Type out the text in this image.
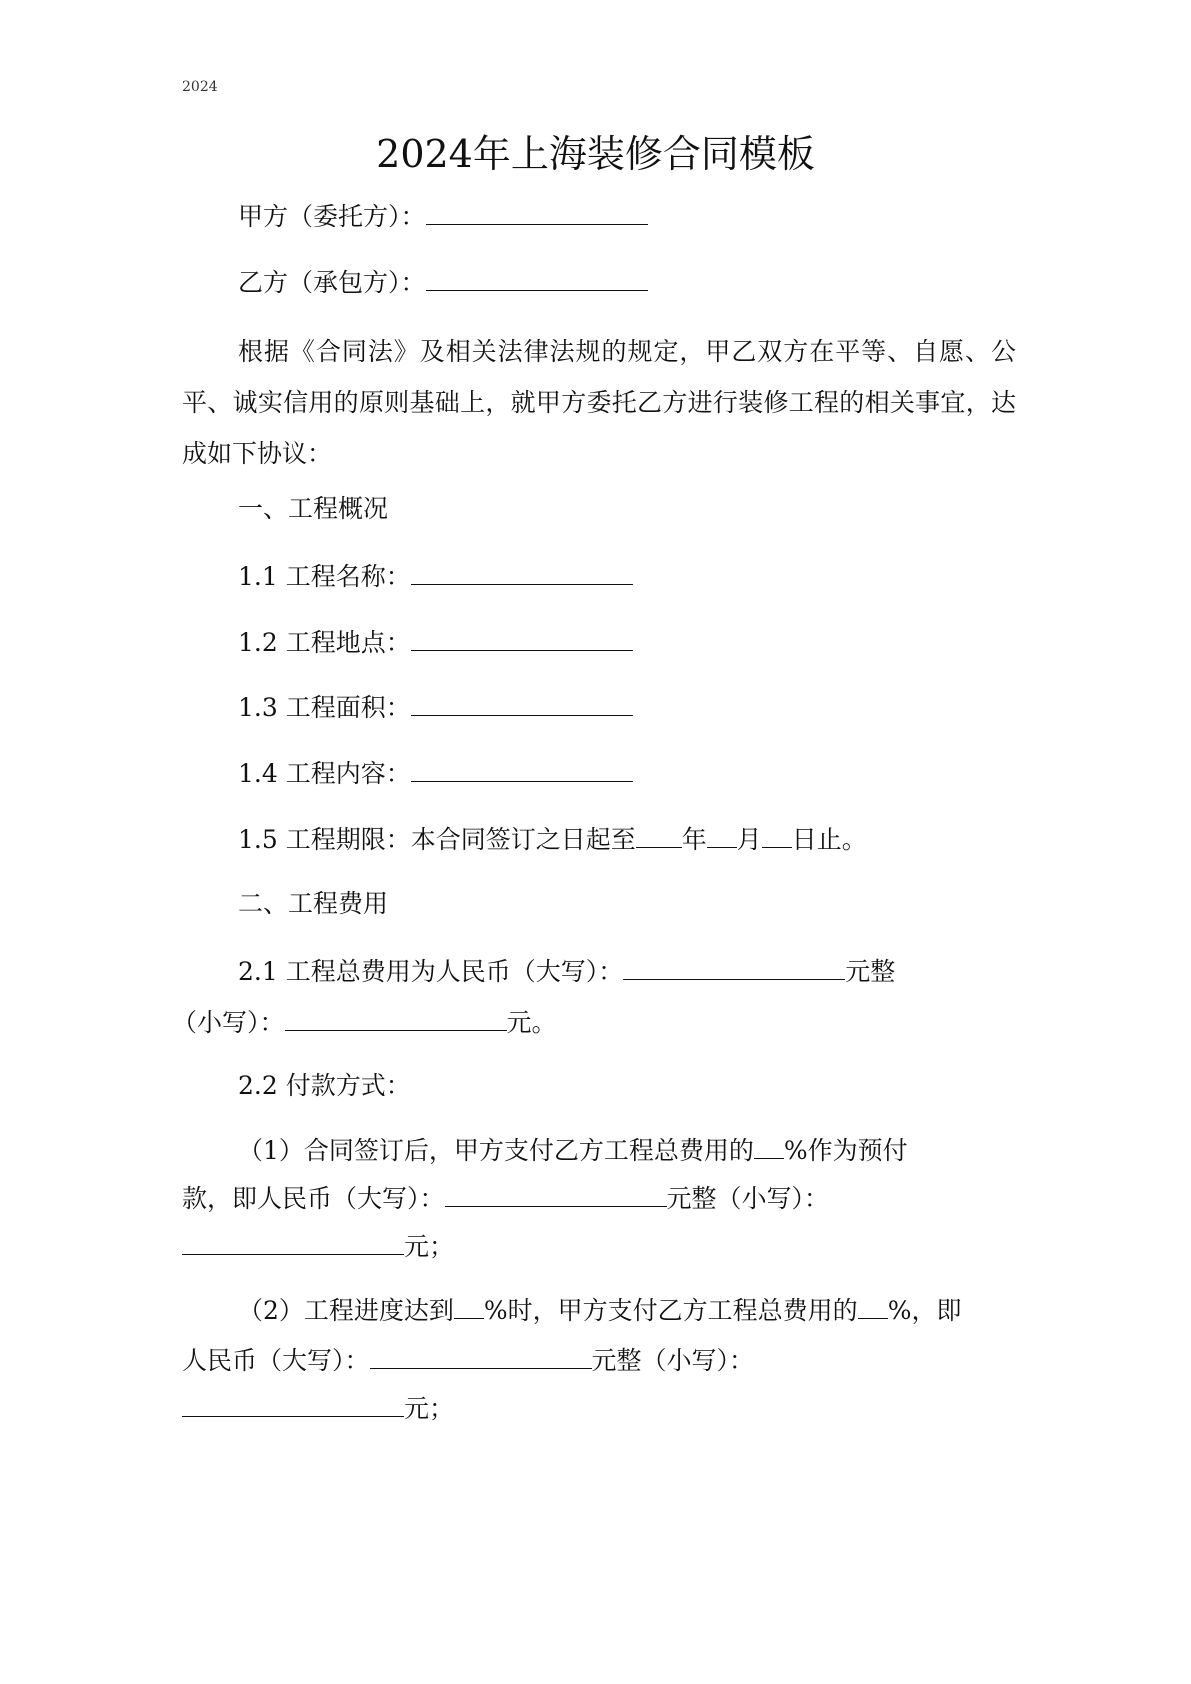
2024
2024年上海装修合同模板
甲方（委托方）：
乙方（承包方）：

根据《合同法》及相关法律法规的规定，甲乙双方在平等、自愿、公平、诚实信用的原则基础上，就甲方委托乙方进行装修工程的相关事宜，达成如下协议：

一、工程概况
1.1 工程名称：
1.2 工程地点：
1.3 工程面积：
1.4 工程内容：
1.5 工程期限：本合同签订之日起至 年 月 日止。
二、工程费用
2.1 工程总费用为人民币（大写）：	元整
（小写）：	元。
2.2 付款方式：
（1）合同签订后，甲方支付乙方工程总费用的 %作为预付
款，即人民币（大写）：	元整（小写）：
元；
（2）工程进度达到 %时，甲方支付乙方工程总费用的 %，即
人民币（大写）：	元整（小写）：
元；
